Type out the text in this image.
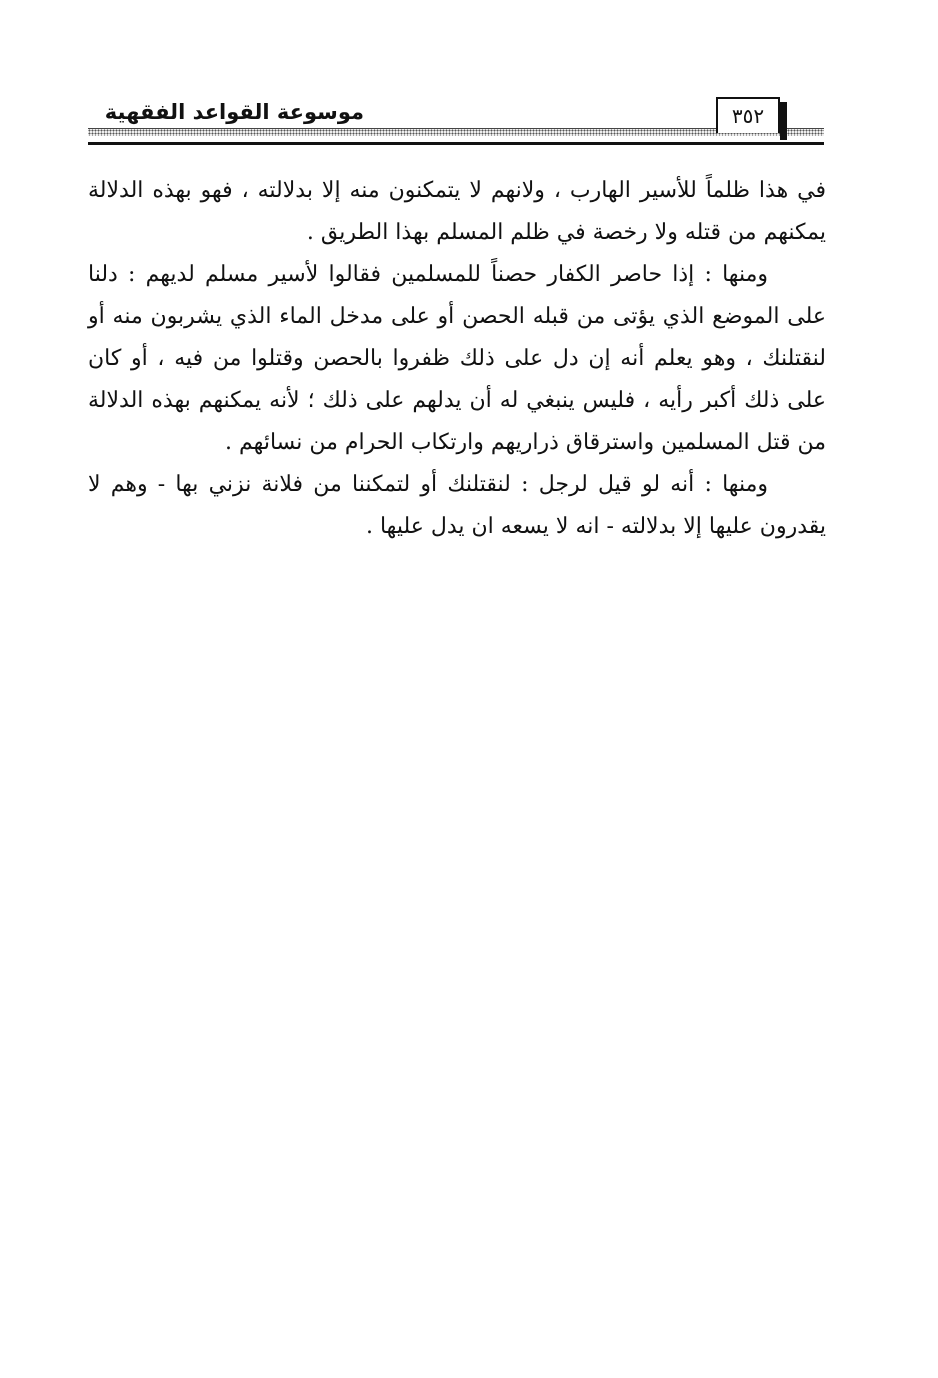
موسوعة القواعد الفقهية	٣٥٢

في هذا ظلماً للأسير الهارب ، ولانهم لا يتمكنون منه إلا بدلالته ، فهو بهذه الدلالة يمكنهم من قتله ولا رخصة في ظلم المسلم بهذا الطريق .

ومنها : إذا حاصر الكفار حصناً للمسلمين فقالوا لأسير مسلم لديهم : دلنا على الموضع الذي يؤتى من قبله الحصن أو على مدخل الماء الذي يشربون منه أو لنقتلنك ، وهو يعلم أنه إن دل على ذلك ظفروا بالحصن وقتلوا من فيه ، أو كان على ذلك أكبر رأيه ، فليس ينبغي له أن يدلهم على ذلك ؛ لأنه يمكنهم بهذه الدلالة من قتل المسلمين واسترقاق ذراريهم وارتكاب الحرام من نسائهم .

ومنها : أنه لو قيل لرجل : لنقتلنك أو لتمكننا من فلانة نزني بها - وهم لا يقدرون عليها إلا بدلالته - انه لا يسعه ان يدل عليها .
